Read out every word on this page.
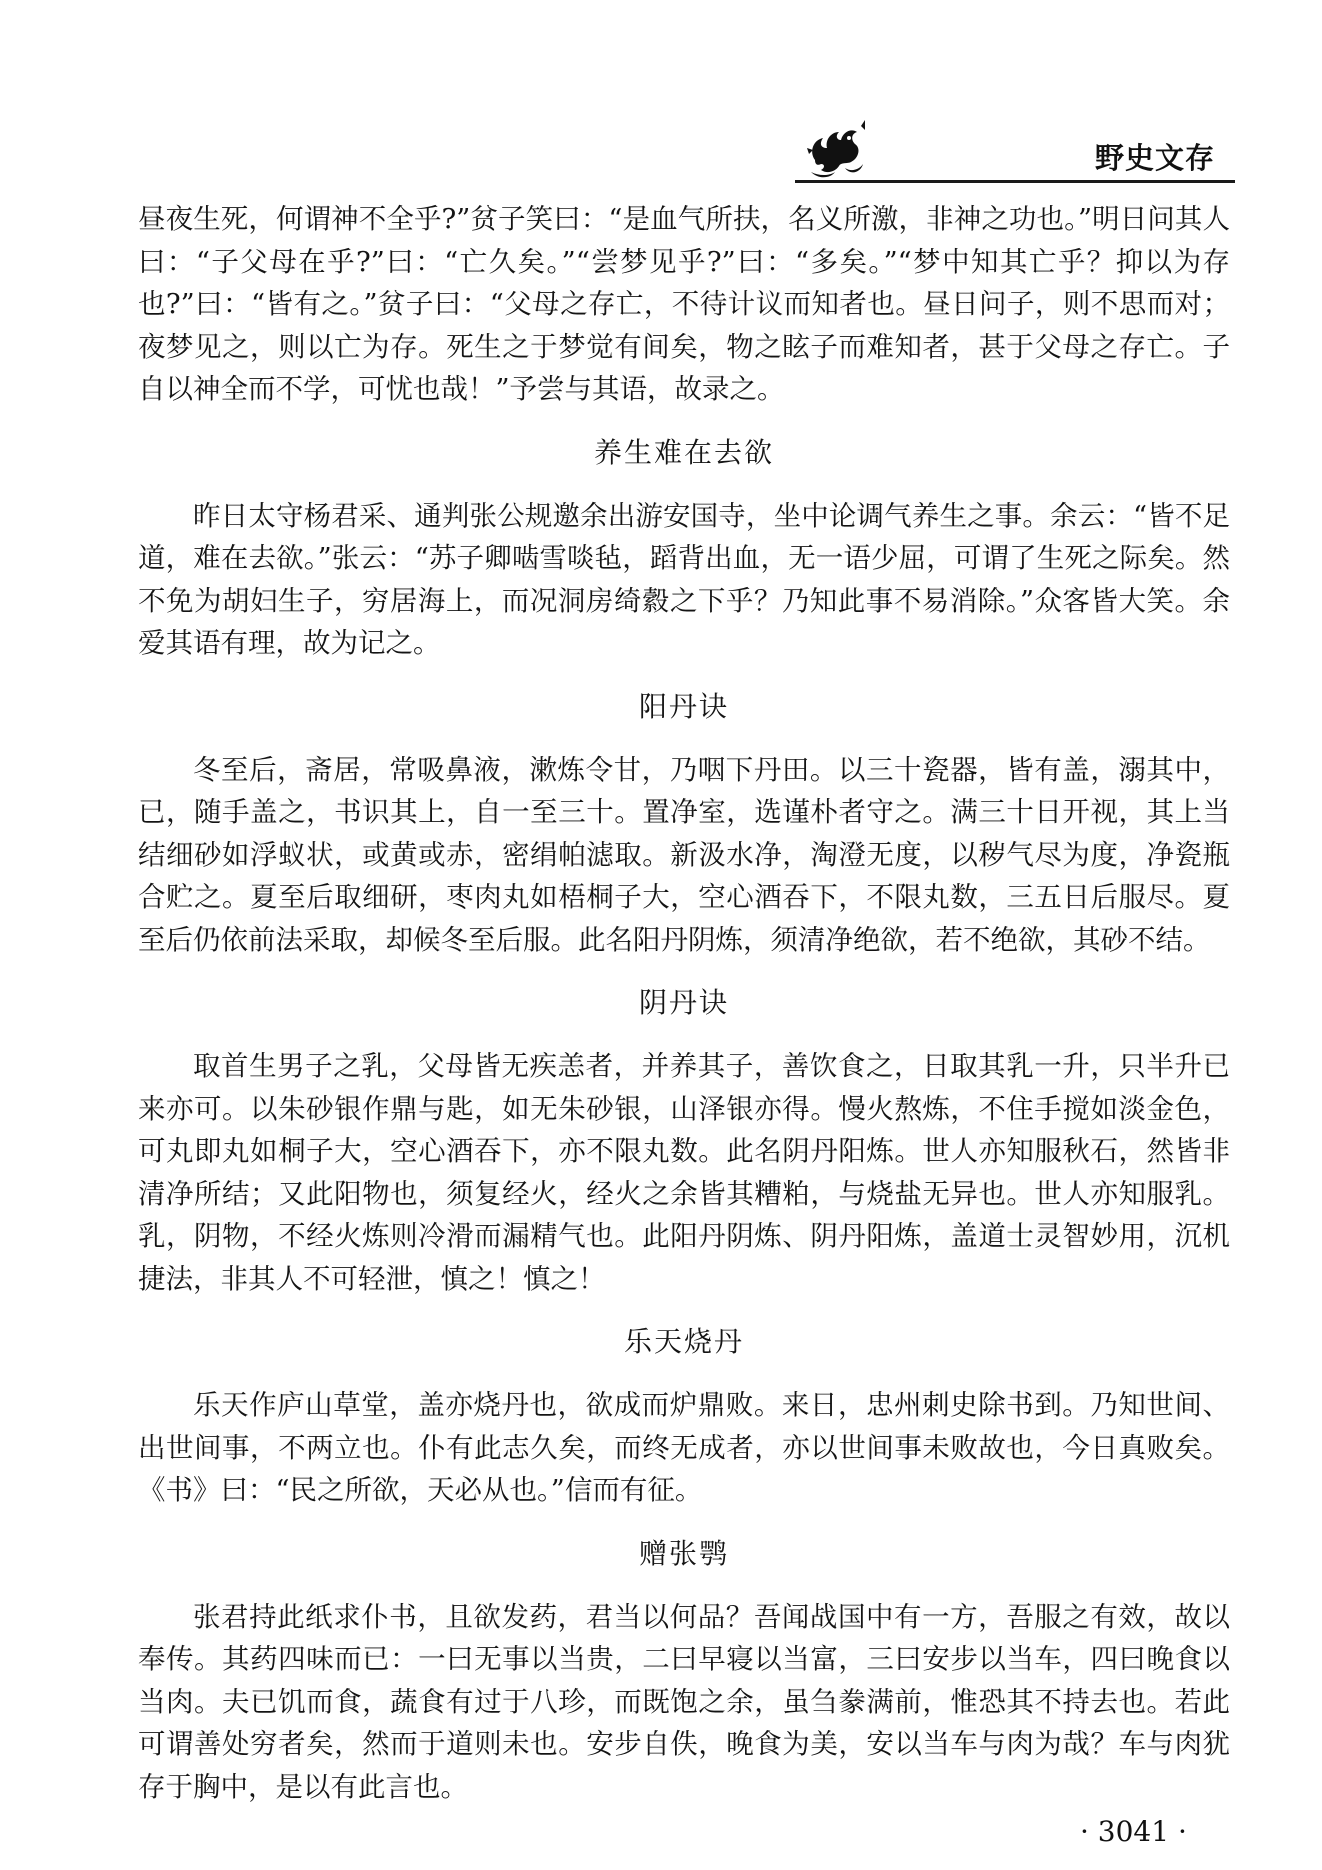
野史文存

昼夜生死，何谓神不全乎?”贫子笑曰：“是血气所扶，名义所激，非神之功也。”明日问其人曰：“子父母在乎?”曰：“亡久矣。”“尝梦见乎?”曰：“多矣。”“梦中知其亡乎？抑以为存也?”曰：“皆有之。”贫子曰：“父母之存亡，不待计议而知者也。昼日问子，则不思而对；夜梦见之，则以亡为存。死生之于梦觉有间矣，物之眩子而难知者，甚于父母之存亡。子自以神全而不学，可忧也哉！”予尝与其语，故录之。

养生难在去欲

昨日太守杨君采、通判张公规邀余出游安国寺，坐中论调气养生之事。余云：“皆不足道，难在去欲。”张云：“苏子卿啮雪啖毡，蹈背出血，无一语少屈，可谓了生死之际矣。然不免为胡妇生子，穷居海上，而况洞房绮縠之下乎？乃知此事不易消除。”众客皆大笑。余爱其语有理，故为记之。

阳丹诀

冬至后，斋居，常吸鼻液，漱炼令甘，乃咽下丹田。以三十瓷器，皆有盖，溺其中，已，随手盖之，书识其上，自一至三十。置净室，选谨朴者守之。满三十日开视，其上当结细砂如浮蚁状，或黄或赤，密绢帕滤取。新汲水净，淘澄无度，以秽气尽为度，净瓷瓶合贮之。夏至后取细研，枣肉丸如梧桐子大，空心酒吞下，不限丸数，三五日后服尽。夏至后仍依前法采取，却候冬至后服。此名阳丹阴炼，须清净绝欲，若不绝欲，其砂不结。

阴丹诀

取首生男子之乳，父母皆无疾恙者，并养其子，善饮食之，日取其乳一升，只半升已来亦可。以朱砂银作鼎与匙，如无朱砂银，山泽银亦得。慢火熬炼，不住手搅如淡金色，可丸即丸如桐子大，空心酒吞下，亦不限丸数。此名阴丹阳炼。世人亦知服秋石，然皆非清净所结；又此阳物也，须复经火，经火之余皆其糟粕，与烧盐无异也。世人亦知服乳。乳，阴物，不经火炼则冷滑而漏精气也。此阳丹阴炼、阴丹阳炼，盖道士灵智妙用，沉机捷法，非其人不可轻泄，慎之！慎之！

乐天烧丹

乐天作庐山草堂，盖亦烧丹也，欲成而炉鼎败。来日，忠州刺史除书到。乃知世间、出世间事，不两立也。仆有此志久矣，而终无成者，亦以世间事未败故也，今日真败矣。《书》曰：“民之所欲，天必从也。”信而有征。

赠张鹗

张君持此纸求仆书，且欲发药，君当以何品？吾闻战国中有一方，吾服之有效，故以奉传。其药四味而已：一曰无事以当贵，二曰早寝以当富，三曰安步以当车，四曰晚食以当肉。夫已饥而食，蔬食有过于八珍，而既饱之余，虽刍豢满前，惟恐其不持去也。若此可谓善处穷者矣，然而于道则未也。安步自佚，晚食为美，安以当车与肉为哉？车与肉犹存于胸中，是以有此言也。

· 3041 ·
